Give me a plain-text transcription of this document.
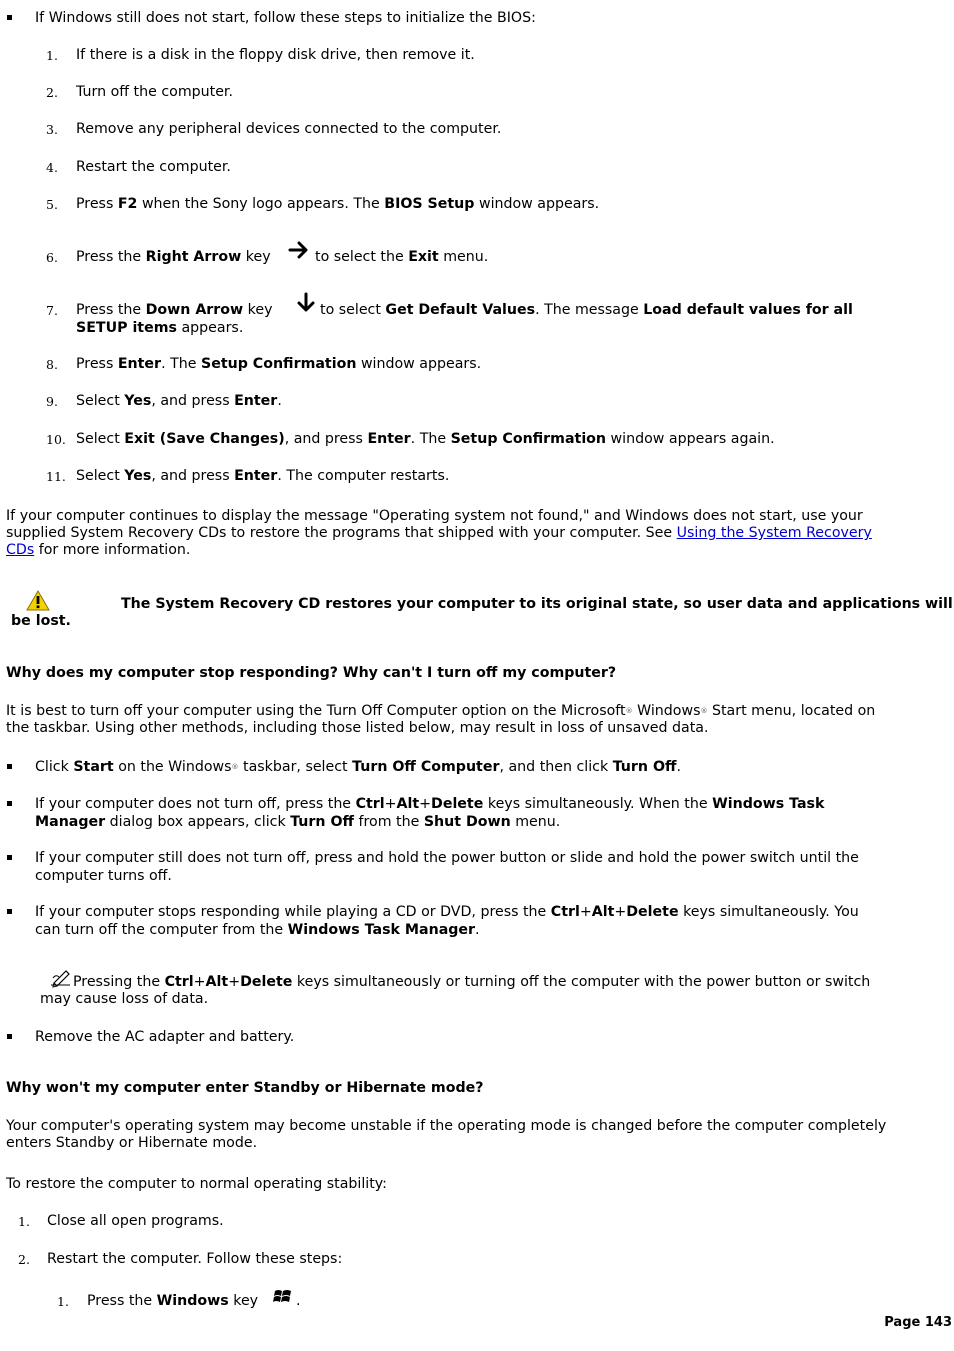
If Windows still does not start, follow these steps to initialize the BIOS:
1. If there is a disk in the floppy disk drive, then remove it.
2. Turn off the computer.
3. Remove any peripheral devices connected to the computer.
4. Restart the computer.
5. Press F2 when the Sony logo appears. The BIOS Setup window appears.
6. Press the Right Arrow key	to select the Exit menu.
7. Press the Down Arrow key	to select Get Default Values. The message Load default values for all
SETUP items appears.
8. Press Enter. The Setup Confirmation window appears.
9. Select Yes, and press Enter.
10. Select Exit (Save Changes), and press Enter. The Setup Confirmation window appears again.
11. Select Yes, and press Enter. The computer restarts.
If your computer continues to display the message "Operating system not found," and Windows does not start, use your
supplied System Recovery CDs to restore the programs that shipped with your computer. See Using the System Recovery
CDs for more information.
The System Recovery CD restores your computer to its original state, so user data and applications will
be lost.
Why does my computer stop responding? Why can't I turn off my computer?
It is best to turn off your computer using the Turn Off Computer option on the Microsoft® Windows® Start menu, located on
the taskbar. Using other methods, including those listed below, may result in loss of unsaved data.
Click Start on the Windows® taskbar, select Turn Off Computer, and then click Turn Off.
If your computer does not turn off, press the Ctrl+Alt+Delete keys simultaneously. When the Windows Task
Manager dialog box appears, click Turn Off from the Shut Down menu.
If your computer still does not turn off, press and hold the power button or slide and hold the power switch until the
computer turns off.
If your computer stops responding while playing a CD or DVD, press the Ctrl+Alt+Delete keys simultaneously. You
can turn off the computer from the Windows Task Manager.
Pressing the Ctrl+Alt+Delete keys simultaneously or turning off the computer with the power button or switch
may cause loss of data.
Remove the AC adapter and battery.
Why won't my computer enter Standby or Hibernate mode?
Your computer's operating system may become unstable if the operating mode is changed before the computer completely
enters Standby or Hibernate mode.
To restore the computer to normal operating stability:
1. Close all open programs.
2. Restart the computer. Follow these steps:
1. Press the Windows key	.
Page 143
